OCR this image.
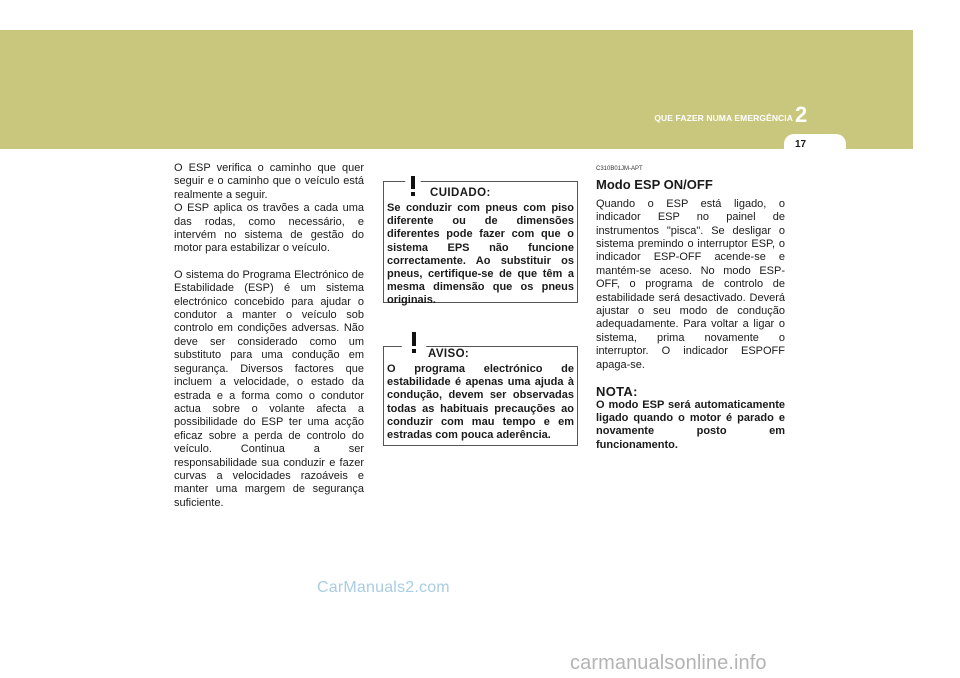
QUE FAZER NUMA EMERGÊNCIA 2
17

O ESP verifica o caminho que quer seguir e o caminho que o veículo está realmente a seguir.

O ESP aplica os travões a cada uma das rodas, como necessário, e intervém no sistema de gestão do motor para estabilizar o veículo.

O sistema do Programa Electrónico de Estabilidade (ESP) é um sistema electrónico concebido para ajudar o condutor a manter o veículo sob controlo em condições adversas. Não deve ser considerado como um substituto para uma condução em segurança. Diversos factores que incluem a velocidade, o estado da estrada e a forma como o condutor actua sobre o volante afecta a possibilidade do ESP ter uma acção eficaz sobre a perda de controlo do veículo. Continua a ser responsabilidade sua conduzir e fazer curvas a velocidades razoáveis e manter uma margem de segurança suficiente.

CUIDADO:
Se conduzir com pneus com piso diferente ou de dimensões diferentes pode fazer com que o sistema EPS não funcione correctamente. Ao substituir os pneus, certifique-se de que têm a mesma dimensão que os pneus originais.
AVISO:
O programa electrónico de estabilidade é apenas uma ajuda à condução, devem ser observadas todas as habituais precauções ao conduzir com mau tempo e em estradas com pouca aderência.
C310B01JM-APT
Modo ESP ON/OFF

Quando o ESP está ligado, o indicador ESP no painel de instrumentos "pisca". Se desligar o sistema premindo o interruptor ESP, o indicador ESP-OFF acende-se e mantém-se aceso. No modo ESP-OFF, o programa de controlo de estabilidade será desactivado. Deverá ajustar o seu modo de condução adequadamente. Para voltar a ligar o sistema, prima novamente o interruptor. O indicador ESPOFF apaga-se.

NOTA:

O modo ESP será automaticamente ligado quando o motor é parado e novamente posto em funcionamento.

CarManuals2.com
carmanualsonline.info
